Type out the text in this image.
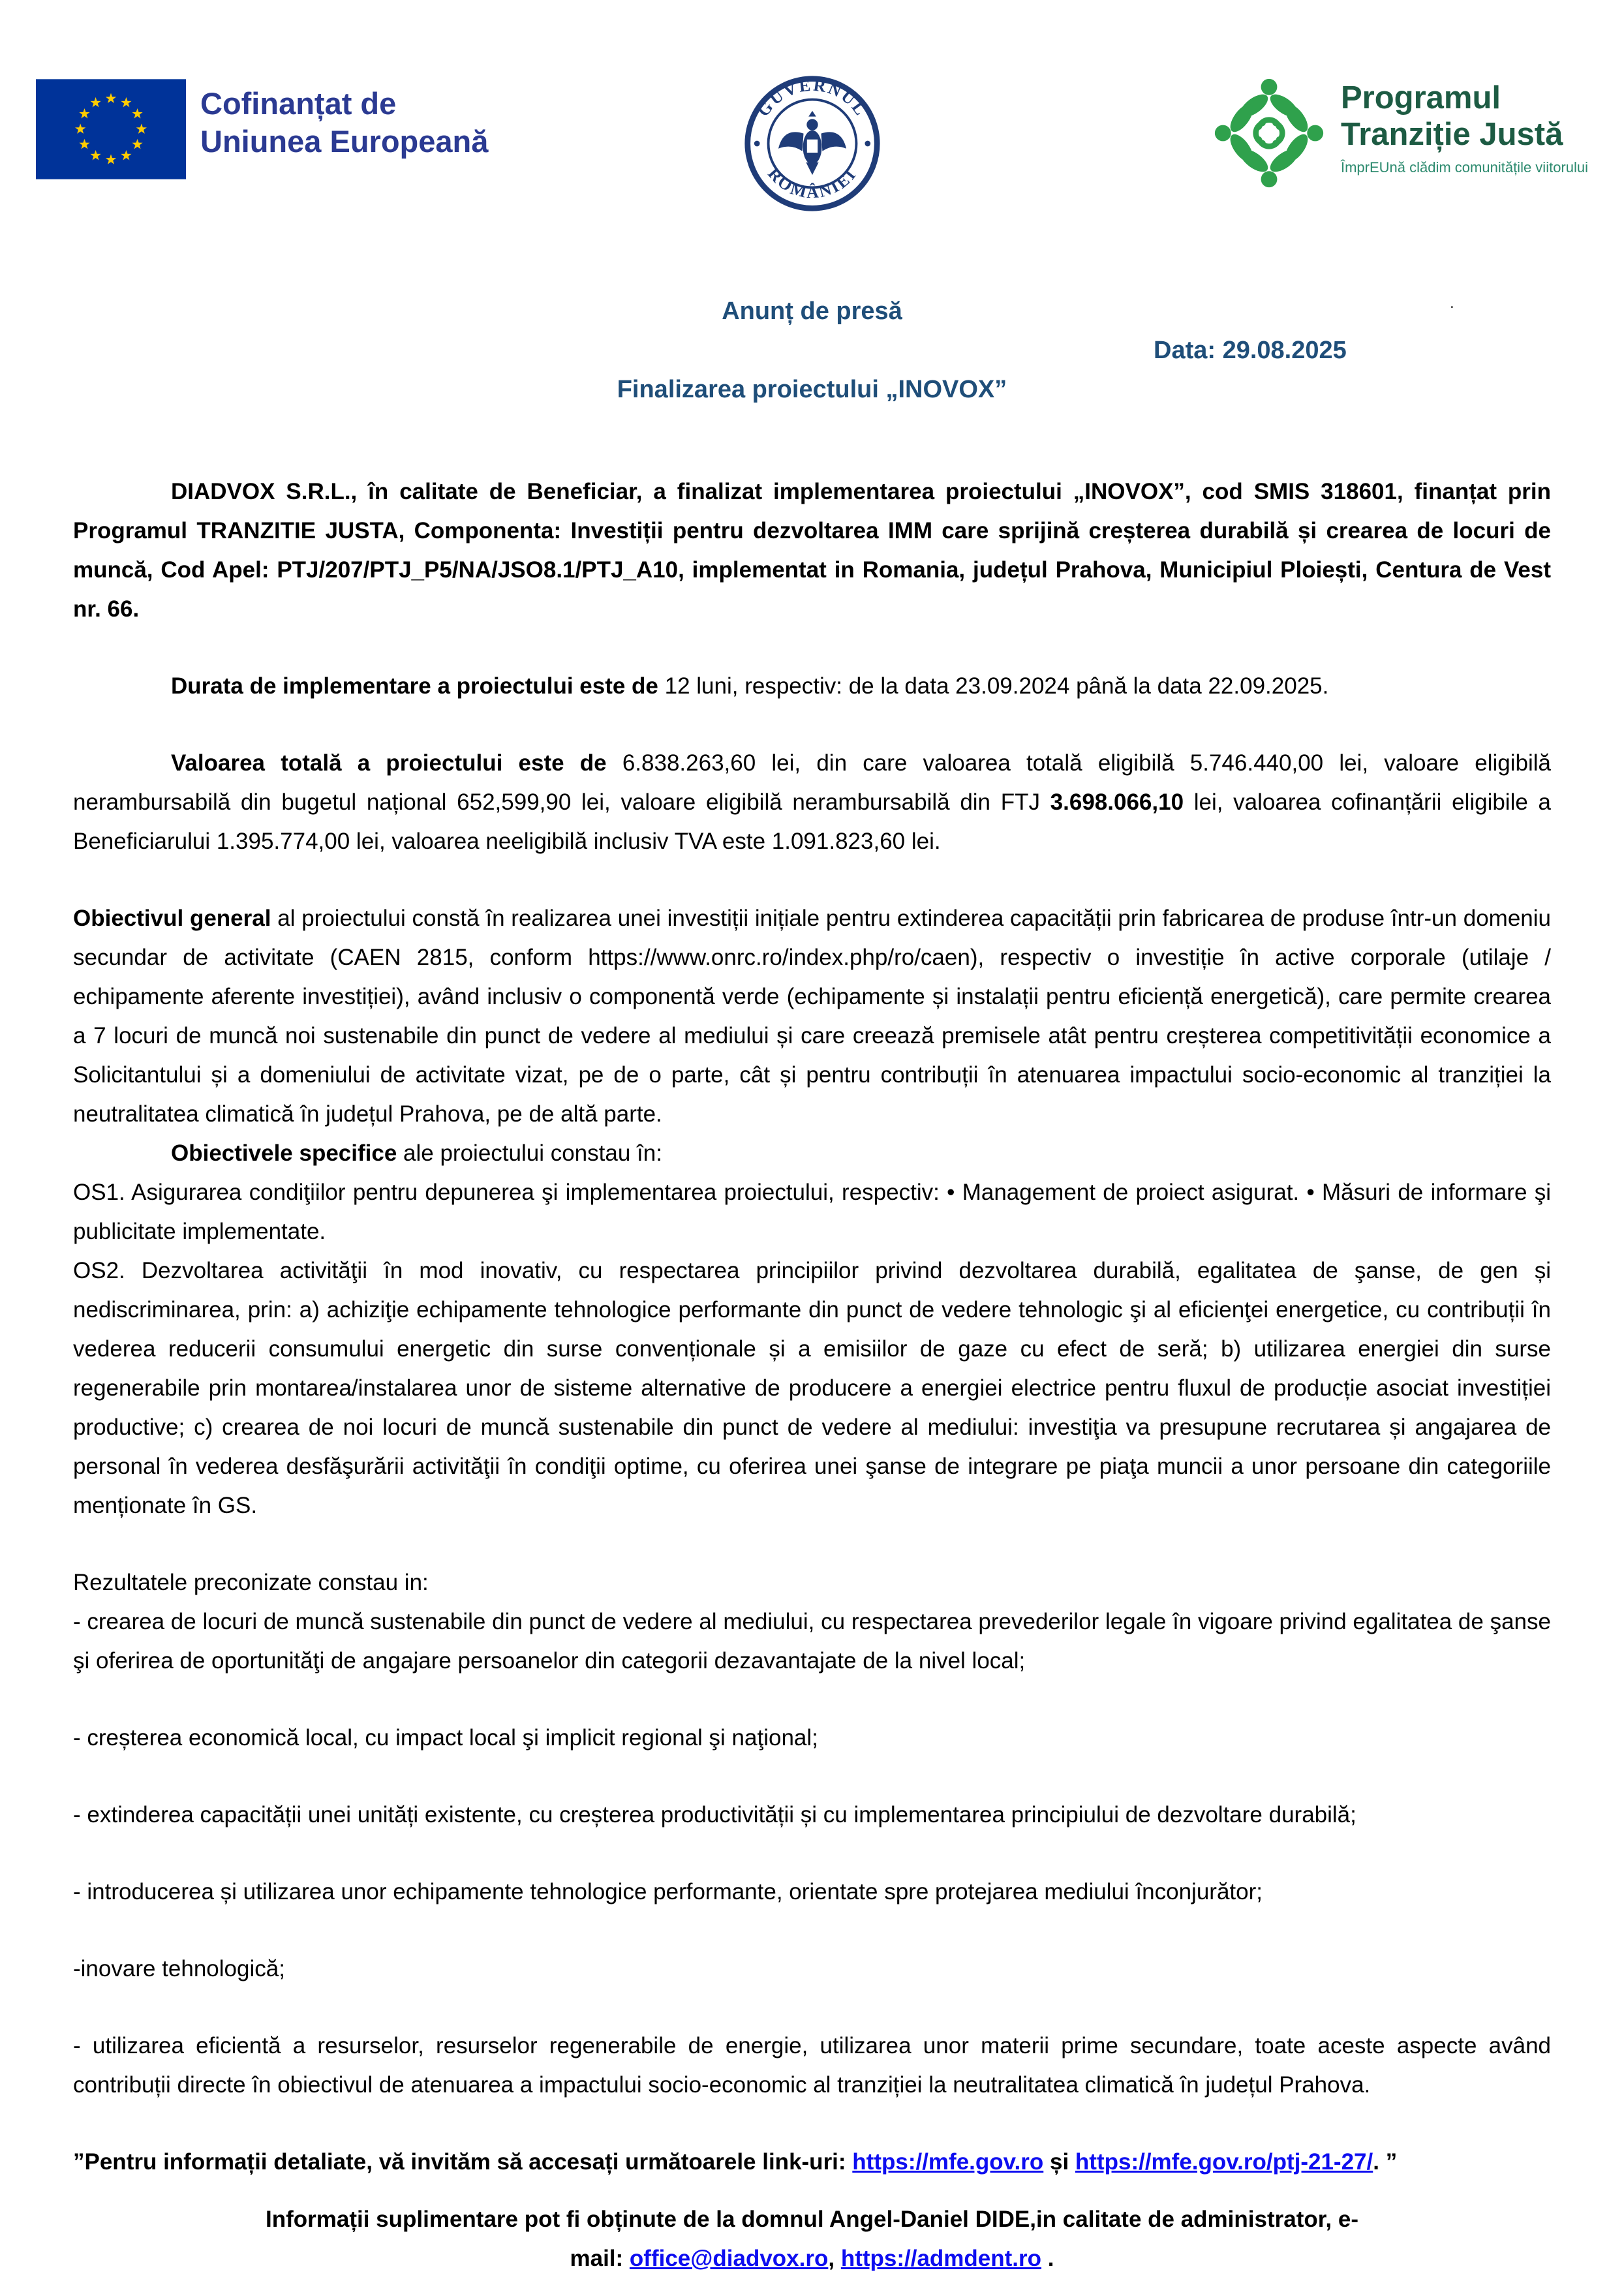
Cofinanțat de
Uniunea Europeană
GUVERNUL
ROMÂNIEI
Programul
Tranziție Justă
ÎmprEUnă clădim comunitățile viitorului
Anunț de presă
Data: 29.08.2025
Finalizarea proiectului „INOVOX”
.

DIADVOX S.R.L., în calitate de Beneficiar, a finalizat implementarea proiectului „INOVOX”, cod SMIS 318601, finanțat prin Programul TRANZITIE JUSTA, Componenta: Investiții pentru dezvoltarea IMM care sprijină creșterea durabilă și crearea de locuri de muncă, Cod Apel: PTJ/207/PTJ_P5/NA/JSO8.1/PTJ_A10, implementat in Romania, județul Prahova, Municipiul Ploiești, Centura de Vest nr. 66.

Durata de implementare a proiectului este de 12 luni, respectiv: de la data 23.09.2024 până la data 22.09.2025.

Valoarea totală a proiectului este de 6.838.263,60 lei, din care valoarea totală eligibilă 5.746.440,00 lei, valoare eligibilă nerambursabilă din bugetul național 652,599,90 lei, valoare eligibilă nerambursabilă din FTJ 3.698.066,10 lei, valoarea cofinanțării eligibile a Beneficiarului 1.395.774,00 lei, valoarea neeligibilă inclusiv TVA este 1.091.823,60 lei.

Obiectivul general al proiectului constă în realizarea unei investiții inițiale pentru extinderea capacității prin fabricarea de produse într-un domeniu secundar de activitate (CAEN 2815, conform https://www.onrc.ro/index.php/ro/caen), respectiv o investiție în active corporale (utilaje / echipamente aferente investiției), având inclusiv o componentă verde (echipamente și instalații pentru eficiență energetică), care permite crearea a 7 locuri de muncă noi sustenabile din punct de vedere al mediului și care creează premisele atât pentru creșterea competitivității economice a Solicitantului și a domeniului de activitate vizat, pe de o parte, cât și pentru contribuții în atenuarea impactului socio-economic al tranziției la neutralitatea climatică în județul Prahova, pe de altă parte.

Obiectivele specifice ale proiectului constau în:

OS1. Asigurarea condiţiilor pentru depunerea şi implementarea proiectului, respectiv: • Management de proiect asigurat. • Măsuri de informare şi publicitate implementate.

OS2. Dezvoltarea activităţii în mod inovativ, cu respectarea principiilor privind dezvoltarea durabilă, egalitatea de şanse, de gen și nediscriminarea, prin: a) achiziţie echipamente tehnologice performante din punct de vedere tehnologic şi al eficienţei energetice, cu contribuții în vederea reducerii consumului energetic din surse convenționale și a emisiilor de gaze cu efect de seră; b) utilizarea energiei din surse regenerabile prin montarea/instalarea unor de sisteme alternative de producere a energiei electrice pentru fluxul de producție asociat investiției productive; c) crearea de noi locuri de muncă sustenabile din punct de vedere al mediului: investiţia va presupune recrutarea și angajarea de personal în vederea desfăşurării activităţii în condiţii optime, cu oferirea unei şanse de integrare pe piaţa muncii a unor persoane din categoriile menționate în GS.

Rezultatele preconizate constau in:

- crearea de locuri de muncă sustenabile din punct de vedere al mediului, cu respectarea prevederilor legale în vigoare privind egalitatea de şanse şi oferirea de oportunităţi de angajare persoanelor din categorii dezavantajate de la nivel local;

- creșterea economică local, cu impact local şi implicit regional şi naţional;

- extinderea capacității unei unități existente, cu creșterea productivității și cu implementarea principiului de dezvoltare durabilă;

- introducerea și utilizarea unor echipamente tehnologice performante, orientate spre protejarea mediului înconjurător;

-inovare tehnologică;

- utilizarea eficientă a resurselor, resurselor regenerabile de energie, utilizarea unor materii prime secundare, toate aceste aspecte având contribuții directe în obiectivul de atenuarea a impactului socio-economic al tranziției la neutralitatea climatică în județul Prahova.

”Pentru informații detaliate, vă invităm să accesați următoarele link-uri: https://mfe.gov.ro și https://mfe.gov.ro/ptj-21-27/. ”

Informații suplimentare pot fi obținute de la domnul Angel-Daniel DIDE,in calitate de administrator, e-mail: office@diadvox.ro, https://admdent.ro .
